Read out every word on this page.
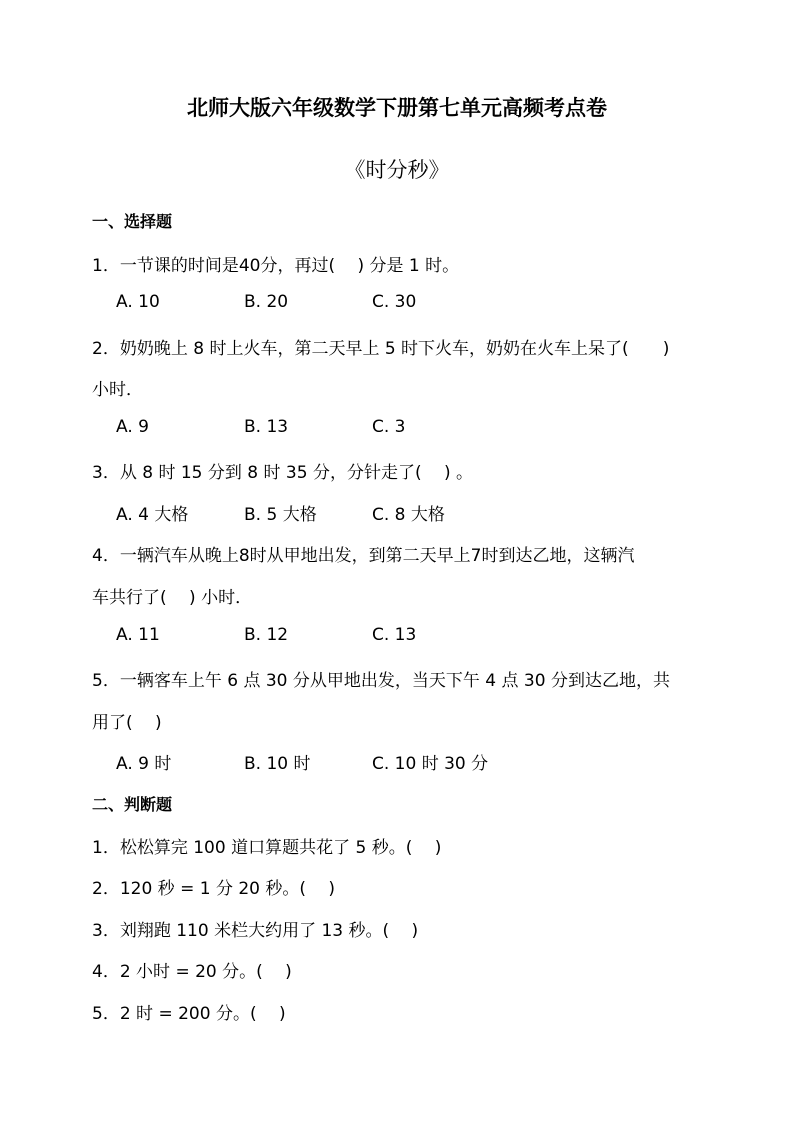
北师大版六年级数学下册第七单元高频考点卷
《时分秒》
一、选择题
1．一节课的时间是40分，再过(　 ) 分是 1 时。
A. 10	B. 20	C. 30
2．奶奶晚上 8 时上火车，第二天早上 5 时下火车，奶奶在火车上呆了(　　)
小时．
A. 9	B. 13	C. 3
3．从 8 时 15 分到 8 时 35 分，分针走了(　 ) 。
A. 4 大格	B. 5 大格	C. 8 大格
4．一辆汽车从晚上8时从甲地出发，到第二天早上7时到达乙地，这辆汽
车共行了(　 ) 小时．
A. 11	B. 12	C. 13
5．一辆客车上午 6 点 30 分从甲地出发，当天下午 4 点 30 分到达乙地，共
用了(　 )
A. 9 时	B. 10 时	C. 10 时 30 分
二、判断题
1．松松算完 100 道口算题共花了 5 秒。(　 )
2．120 秒 = 1 分 20 秒。(　 )
3．刘翔跑 110 米栏大约用了 13 秒。(　 )
4．2 小时 = 20 分。(　 )
5．2 时 = 200 分。(　 )
